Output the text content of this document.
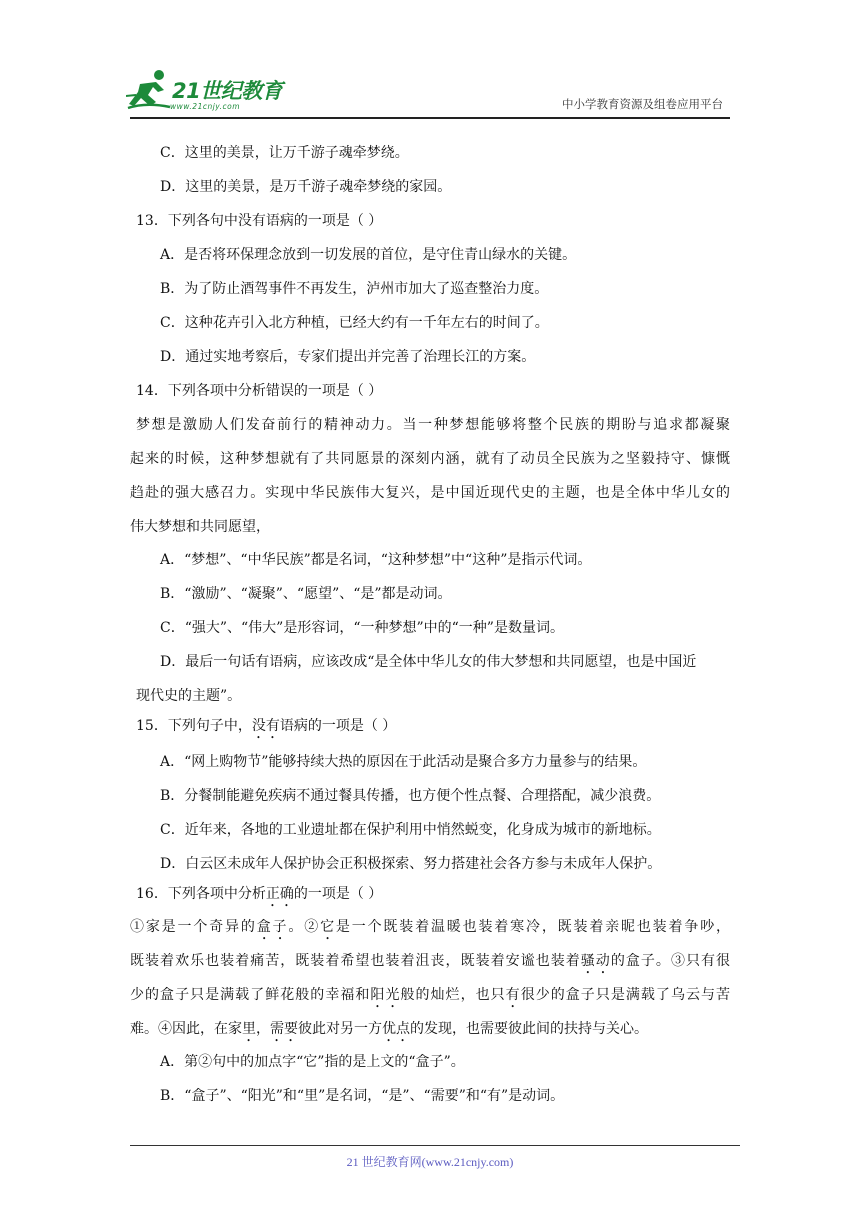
21世纪教育
www.21cnjy.com	中小学教育资源及组卷应用平台
C．这里的美景，让万千游子魂牵梦绕。
D．这里的美景，是万千游子魂牵梦绕的家园。
13．下列各句中没有语病的一项是（ ）
A．是否将环保理念放到一切发展的首位，是守住青山绿水的关键。
B．为了防止酒驾事件不再发生，泸州市加大了巡查整治力度。
C．这种花卉引入北方种植，已经大约有一千年左右的时间了。
D．通过实地考察后，专家们提出并完善了治理长江的方案。
14．下列各项中分析错误的一项是（ ）
梦想是激励人们发奋前行的精神动力。当一种梦想能够将整个民族的期盼与追求都凝聚
起来的时候，这种梦想就有了共同愿景的深刻内涵，就有了动员全民族为之坚毅持守、慷慨
趋赴的强大感召力。实现中华民族伟大复兴，是中国近现代史的主题，也是全体中华儿女的
伟大梦想和共同愿望，
A．“梦想”、“中华民族”都是名词，“这种梦想”中“这种”是指示代词。
B．“激励”、“凝聚”、“愿望”、“是”都是动词。
C．“强大”、“伟大”是形容词，“一种梦想”中的“一种”是数量词。
D．最后一句话有语病，应该改成“是全体中华儿女的伟大梦想和共同愿望，也是中国近
现代史的主题”。
15．下列句子中，没有语病的一项是（ ）
A．“网上购物节”能够持续大热的原因在于此活动是聚合多方力量参与的结果。
B．分餐制能避免疾病不通过餐具传播，也方便个性点餐、合理搭配，减少浪费。
C．近年来，各地的工业遗址都在保护利用中悄然蜕变，化身成为城市的新地标。
D．白云区未成年人保护协会正积极探索、努力搭建社会各方参与未成年人保护。
16．下列各项中分析正确的一项是（ ）
①家是一个奇异的盒子。②它是一个既装着温暖也装着寒冷，既装着亲昵也装着争吵，
既装着欢乐也装着痛苦，既装着希望也装着沮丧，既装着安谧也装着骚动的盒子。③只有很
少的盒子只是满载了鲜花般的幸福和阳光般的灿烂，也只有很少的盒子只是满载了乌云与苦
难。④因此，在家里，需要彼此对另一方优点的发现，也需要彼此间的扶持与关心。
A．第②句中的加点字“它”指的是上文的“盒子”。
B．“盒子”、“阳光”和“里”是名词，“是”、“需要”和“有”是动词。
21 世纪教育网(www.21cnjy.com)
